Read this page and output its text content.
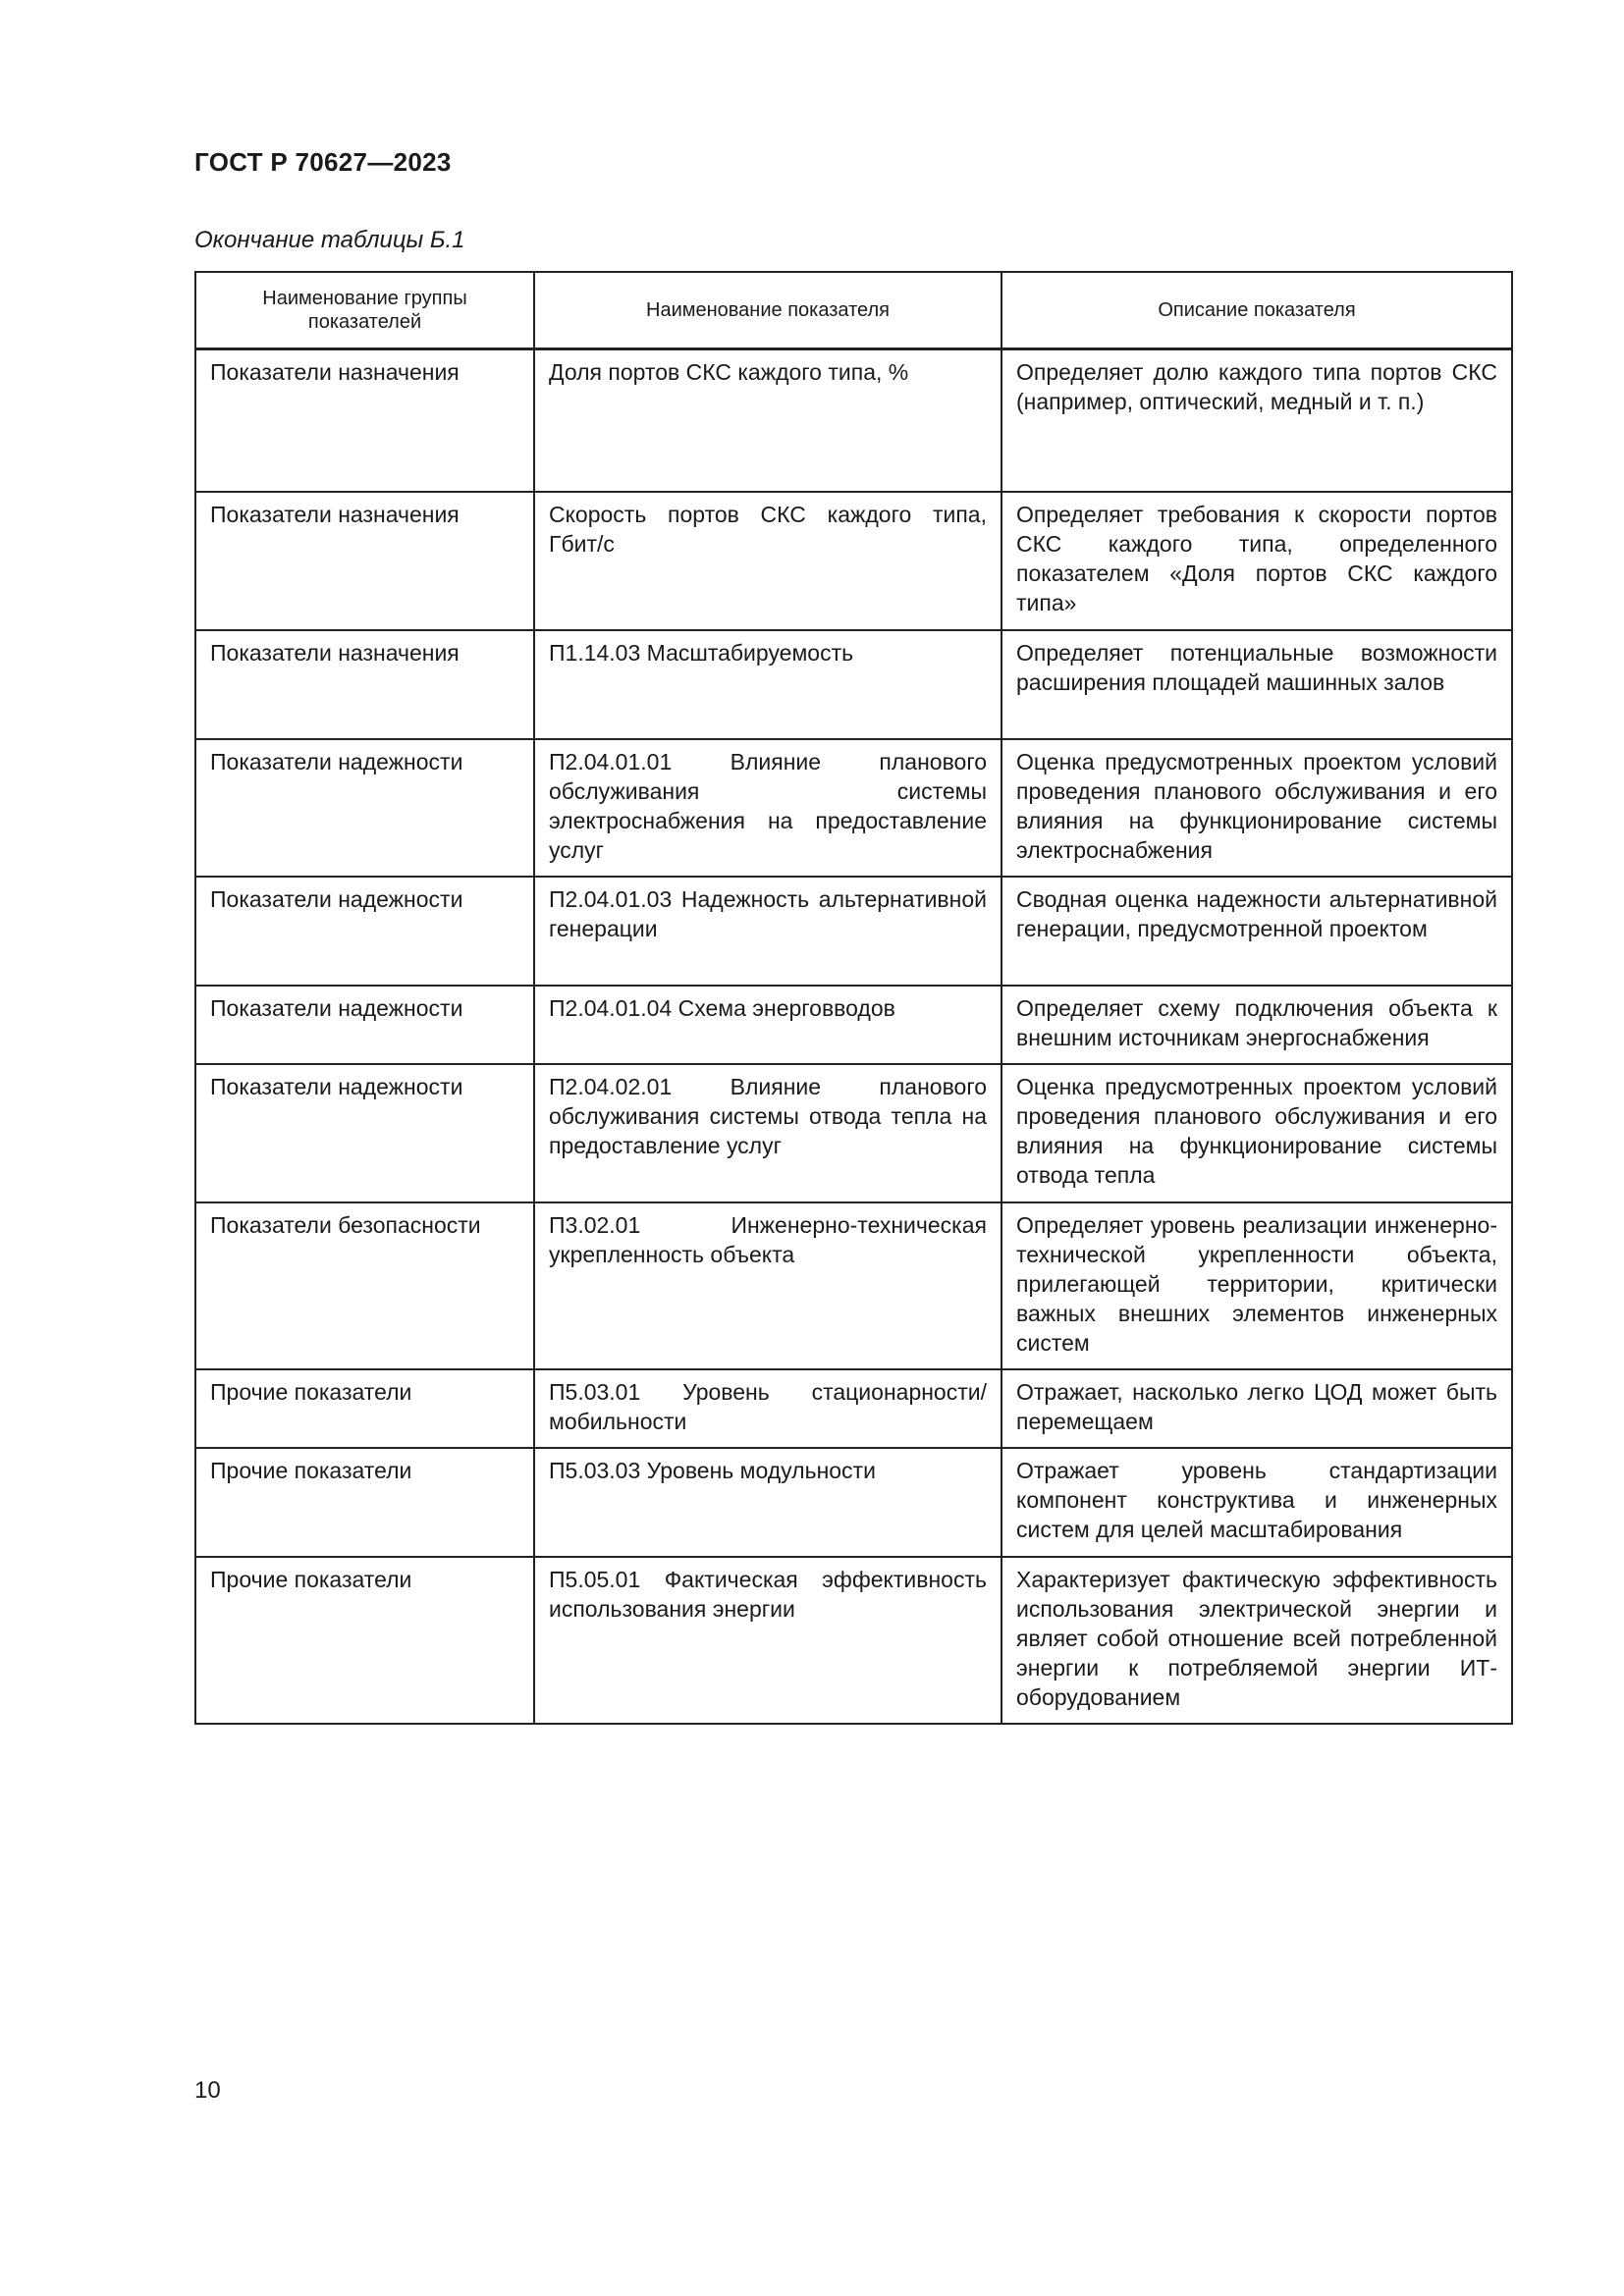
ГОСТ Р 70627—2023
Окончание таблицы Б.1
Наименование группы показателей	Наименование показателя	Описание показателя
Показатели назначения	Доля портов СКС каждого типа, %	Определяет долю каждого типа портов СКС (например, оптический, медный и т. п.)
Показатели назначения	Скорость портов СКС каждого типа, Гбит/с	Определяет требования к скорости портов СКС каждого типа, определенного показателем «Доля портов СКС каждого типа»
Показатели назначения	П1.14.03 Масштабируемость	Определяет потенциальные возможности расширения площадей машинных залов
Показатели надежности	П2.04.01.01 Влияние планового обслуживания системы электроснабжения на предоставление услуг	Оценка предусмотренных проектом условий проведения планового обслуживания и его влияния на функционирование системы электроснабжения
Показатели надежности	П2.04.01.03 Надежность альтернативной генерации	Сводная оценка надежности альтернативной генерации, предусмотренной проектом
Показатели надежности	П2.04.01.04 Схема энерговводов	Определяет схему подключения объекта к внешним источникам энергоснабжения
Показатели надежности	П2.04.02.01 Влияние планового обслуживания системы отвода тепла на предоставление услуг	Оценка предусмотренных проектом условий проведения планового обслуживания и его влияния на функционирование системы отвода тепла
Показатели безопасности	П3.02.01 Инженерно-техническая укрепленность объекта	Определяет уровень реализации инженерно-технической укрепленности объекта, прилегающей территории, критически важных внешних элементов инженерных систем
Прочие показатели	П5.03.01 Уровень стационарности/мобильности	Отражает, насколько легко ЦОД может быть перемещаем
Прочие показатели	П5.03.03 Уровень модульности	Отражает уровень стандартизации компонент конструктива и инженерных систем для целей масштабирования
Прочие показатели	П5.05.01 Фактическая эффективность использования энергии	Характеризует фактическую эффективность использования электрической энергии и являет собой отношение всей потребленной энергии к потребляемой энергии ИТ-оборудованием
10
